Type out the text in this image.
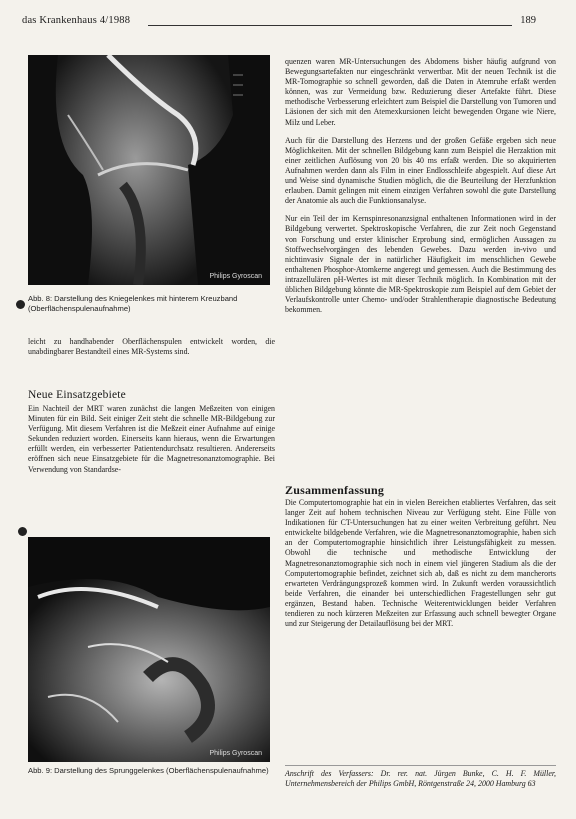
das Krankenhaus 4/1988	189
Philips Gyroscan
Abb. 8: Darstellung des Kniegelenkes mit hinterem Kreuzband (Oberflächenspulenaufnahme)

leicht zu handhabender Oberflächenspulen entwickelt worden, die unabdingbarer Bestandteil eines MR-Systems sind.

Neue Einsatzgebiete

Ein Nachteil der MRT waren zunächst die langen Meßzeiten von einigen Minuten für ein Bild. Seit einiger Zeit steht die schnelle MR-Bildgebung zur Verfügung. Mit diesem Verfahren ist die Meßzeit einer Aufnahme auf einige Sekunden reduziert worden. Einerseits kann hieraus, wenn die Erwartungen erfüllt werden, ein verbesserter Patientendurchsatz resultieren. Andererseits eröffnen sich neue Einsatzgebiete für die Magnetresonanztomographie. Bei Verwendung von Standardse-

Philips Gyroscan
Abb. 9: Darstellung des Sprunggelenkes (Oberflächenspulenaufnahme)

quenzen waren MR-Untersuchungen des Abdomens bisher häufig aufgrund von Bewegungsartefakten nur eingeschränkt verwertbar. Mit der neuen Technik ist die MR-Tomographie so schnell geworden, daß die Daten in Atemruhe erfaßt werden können, was zur Vermeidung bzw. Reduzierung dieser Artefakte führt. Diese methodische Verbesserung erleichtert zum Beispiel die Darstellung von Tumoren und Läsionen der sich mit den Atemexkursionen leicht bewegenden Organe wie Niere, Milz und Leber.

Auch für die Darstellung des Herzens und der großen Gefäße ergeben sich neue Möglichkeiten. Mit der schnellen Bildgebung kann zum Beispiel die Herzaktion mit einer zeitlichen Auflösung von 20 bis 40 ms erfaßt werden. Die so akquirierten Aufnahmen werden dann als Film in einer Endlosschleife abgespielt. Auf diese Art und Weise sind dynamische Studien möglich, die die Beurteilung der Herzfunktion erlauben. Damit gelingen mit einem einzigen Verfahren sowohl die gute Darstellung der Anatomie als auch die Funktionsanalyse.

Nur ein Teil der im Kernspinresonanzsignal enthaltenen Informationen wird in der Bildgebung verwertet. Spektroskopische Verfahren, die zur Zeit noch Gegenstand von Forschung und erster klinischer Erprobung sind, ermöglichen Aussagen zu Stoffwechselvorgängen des lebenden Gewebes. Dazu werden in-vivo und nichtinvasiv Signale der in natürlicher Häufigkeit im menschlichen Gewebe enthaltenen Phosphor-Atomkerne angeregt und gemessen. Auch die Bestimmung des intrazellulären pH-Wertes ist mit dieser Technik möglich. In Kombination mit der üblichen Bildgebung könnte die MR-Spektroskopie zum Beispiel auf dem Gebiet der Verlaufskontrolle unter Chemo- und/oder Strahlentherapie diagnostische Bedeutung bekommen.

Zusammenfassung

Die Computertomographie hat ein in vielen Bereichen etabliertes Verfahren, das seit langer Zeit auf hohem technischen Niveau zur Verfügung steht. Eine Fülle von Indikationen für CT-Untersuchungen hat zu einer weiten Verbreitung geführt. Neu entwickelte bildgebende Verfahren, wie die Magnetresonanztomographie, haben sich an der Computertomographie hinsichtlich ihrer Leistungsfähigkeit zu messen. Obwohl die technische und methodische Entwicklung der Magnetresonanztomographie sich noch in einem viel jüngeren Stadium als die der Computertomographie befindet, zeichnet sich ab, daß es nicht zu dem mancherorts erwarteten Verdrängungsprozeß kommen wird. In Zukunft werden voraussichtlich beide Verfahren, die einander bei unterschiedlichen Fragestellungen sehr gut ergänzen, Bestand haben. Technische Weiterentwicklungen beider Verfahren tendieren zu noch kürzeren Meßzeiten zur Erfassung auch schnell bewegter Organe und zur Steigerung der Detailauflösung bei der MRT.

Anschrift des Verfassers: Dr. rer. nat. Jürgen Bunke, C. H. F. Müller, Unternehmensbereich der Philips GmbH, Röntgenstraße 24, 2000 Hamburg 63
